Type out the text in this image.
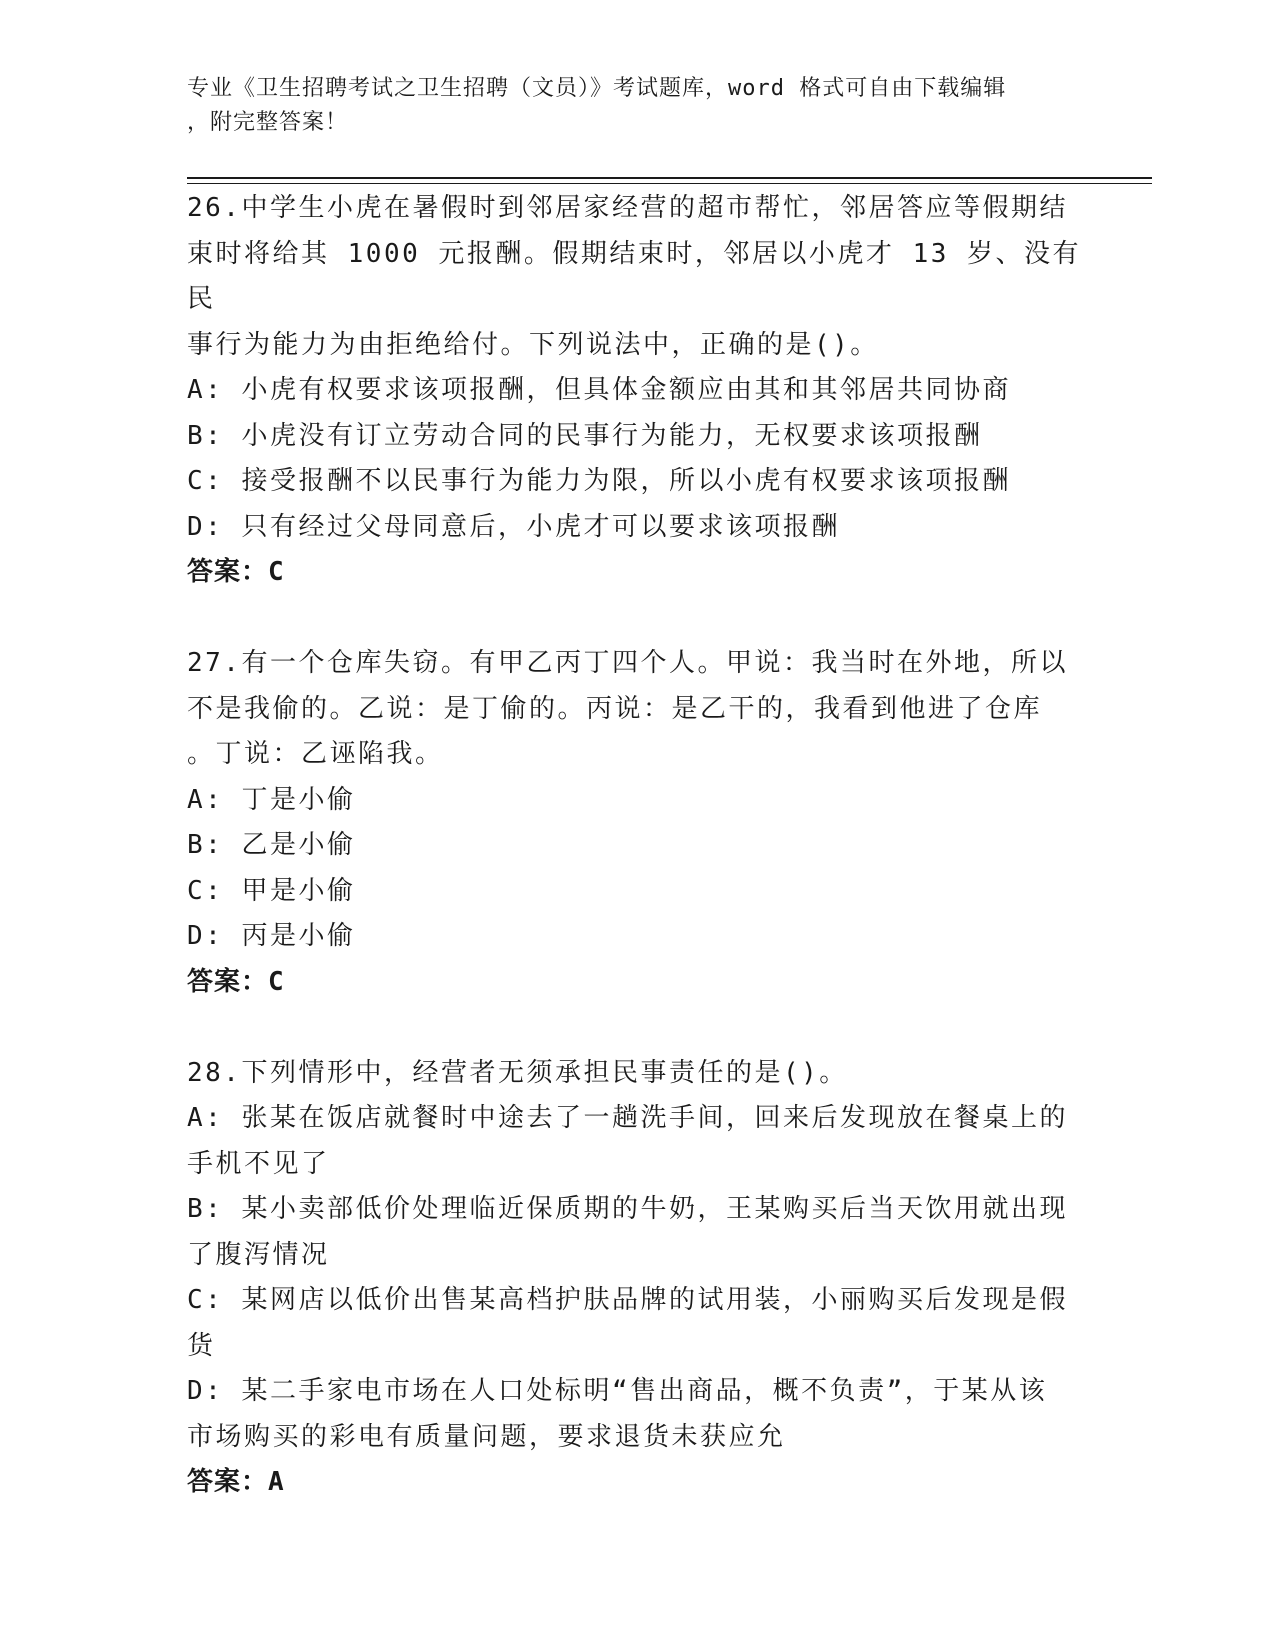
专业《卫生招聘考试之卫生招聘（文员）》考试题库，word 格式可自由下载编辑
，附完整答案！
26.中学生小虎在暑假时到邻居家经营的超市帮忙，邻居答应等假期结
束时将给其 1000 元报酬。假期结束时，邻居以小虎才 13 岁、没有民
事行为能力为由拒绝给付。下列说法中，正确的是()。
A: 小虎有权要求该项报酬，但具体金额应由其和其邻居共同协商
B: 小虎没有订立劳动合同的民事行为能力，无权要求该项报酬
C: 接受报酬不以民事行为能力为限，所以小虎有权要求该项报酬
D: 只有经过父母同意后，小虎才可以要求该项报酬
答案：C
27.有一个仓库失窃。有甲乙丙丁四个人。甲说：我当时在外地，所以
不是我偷的。乙说：是丁偷的。丙说：是乙干的，我看到他进了仓库
。丁说：乙诬陷我。
A: 丁是小偷
B: 乙是小偷
C: 甲是小偷
D: 丙是小偷
答案：C
28.下列情形中，经营者无须承担民事责任的是()。
A: 张某在饭店就餐时中途去了一趟洗手间，回来后发现放在餐桌上的
手机不见了
B: 某小卖部低价处理临近保质期的牛奶，王某购买后当天饮用就出现
了腹泻情况
C: 某网店以低价出售某高档护肤品牌的试用装，小丽购买后发现是假
货
D: 某二手家电市场在人口处标明“售出商品，概不负责”，于某从该
市场购买的彩电有质量问题，要求退货未获应允
答案：A
